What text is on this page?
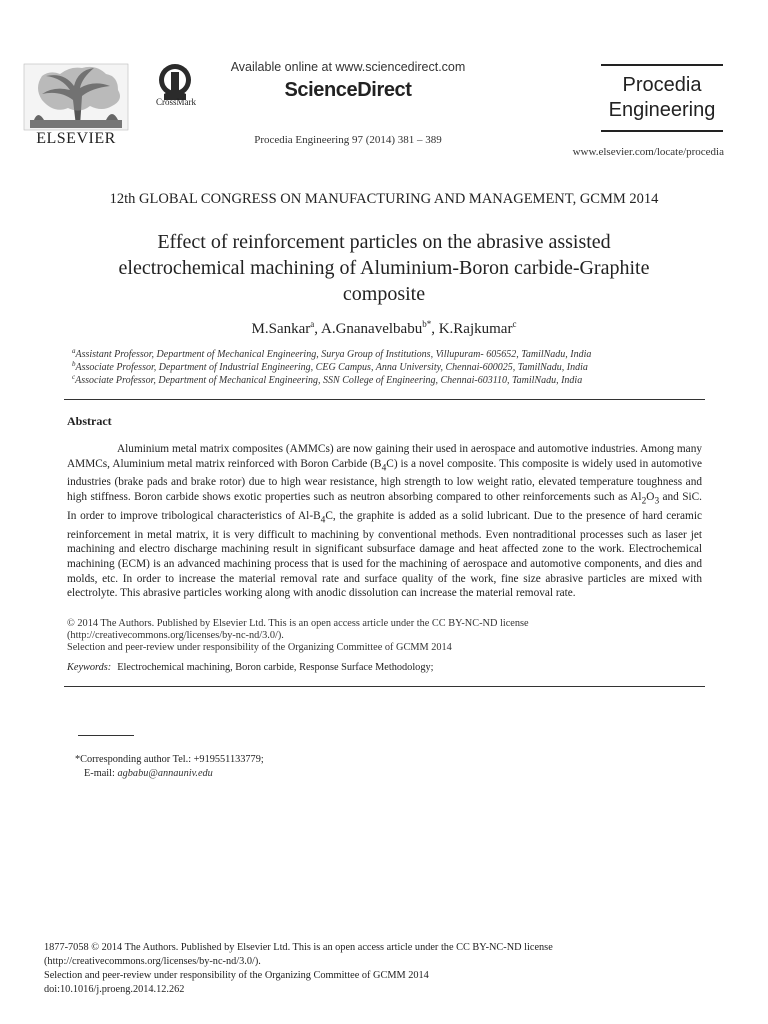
ELSEVIER
CrossMark
Available online at www.sciencedirect.com
ScienceDirect
Procedia Engineering 97 (2014) 381 – 389
Procedia
Engineering
www.elsevier.com/locate/procedia
12th GLOBAL CONGRESS ON MANUFACTURING AND MANAGEMENT, GCMM 2014
Effect of reinforcement particles on the abrasive assisted
electrochemical machining of Aluminium-Boron carbide-Graphite
composite
M.Sankar$^a$, A.Gnanavelbabu$^{b*}$, K.Rajkumar$^c$
$^a$Assistant Professor, Department of Mechanical Engineering, Surya Group of Institutions, Villupuram- 605652, TamilNadu, India
$^b$Associate Professor, Department of Industrial Engineering, CEG Campus, Anna University, Chennai-600025, TamilNadu, India
$^c$Associate Professor, Department of Mechanical Engineering, SSN College of Engineering, Chennai-603110, TamilNadu, India
Abstract
Aluminium metal matrix composites (AMMCs) are now gaining their used in aerospace and automotive industries. Among many AMMCs, Aluminium metal matrix reinforced with Boron Carbide $(B_4C)$ is a novel composite. This composite is widely used in automotive industries (brake pads and brake rotor) due to high wear resistance, high strength to low weight ratio, elevated temperature toughness and high stiffness. Boron carbide shows exotic properties such as neutron absorbing compared to other reinforcements such as $Al_2O_3$ and SiC. In order to improve tribological characteristics of $Al-B_4C$, the graphite is added as a solid lubricant. Due to the presence of hard ceramic reinforcement in metal matrix, it is very difficult to machining by conventional methods. Even nontraditional processes such as laser jet machining and electro discharge machining result in significant subsurface damage and heat affected zone to the work. Electrochemical machining (ECM) is an advanced machining process that is used for the machining of aerospace and automotive components, and dies and molds, etc. In order to increase the material removal rate and surface quality of the work, fine size abrasive particles are mixed with electrolyte. This abrasive particles working along with anodic dissolution can increase the material removal rate.
© 2014 The Authors. Published by Elsevier Ltd. This is an open access article under the CC BY-NC-ND license
(http://creativecommons.org/licenses/by-nc-nd/3.0/).
Selection and peer-review under responsibility of the Organizing Committee of GCMM 2014
Keywords: Electrochemical machining, Boron carbide, Response Surface Methodology;
*Corresponding author Tel.: +919551133779;
E-mail: agbabu@annauniv.edu
1877-7058 © 2014 The Authors. Published by Elsevier Ltd. This is an open access article under the CC BY-NC-ND license
(http://creativecommons.org/licenses/by-nc-nd/3.0/).
Selection and peer-review under responsibility of the Organizing Committee of GCMM 2014
doi:10.1016/j.proeng.2014.12.262
